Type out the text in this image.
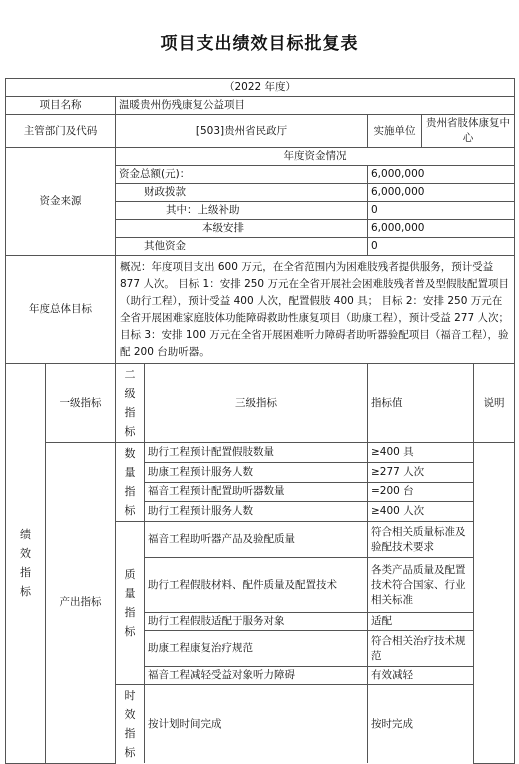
项目支出绩效目标批复表
（2022 年度）						
项目名称		温暖贵州伤残康复公益项目				
主管部门及代码		[503]贵州省民政厅		实施单位	贵州省肢体康复中心	
资金来源		年度资金情况				
		资金总额(元)：		6,000,000		
		财政拨款		6,000,000		
		其中：上级补助		0		
		本级安排		6,000,000		
		其他资金		0		
年度总体目标		概况：年度项目支出 600 万元，在全省范围内为困难肢残者提供服务，预计受益 877 人次。 目标 1：安排 250 万元在全省开展社会困难肢残者普及型假肢配置项目（助行工程），预计受益 400 人次，配置假肢 400 具； 目标 2：安排 250 万元在全省开展困难家庭肢体功能障碍救助性康复项目（助康工程），预计受益 277 人次； 目标 3：安排 100 万元在全省开展困难听力障碍者助听器验配项目（福音工程），验配 200 台助听器。				
绩效指标	一级指标	二级指标	三级指标	指标值		说明
	产出指标	数量指标	助行工程预计配置假肢数量	≥400 具		
			助康工程预计服务人数	≥277 人次		
			福音工程预计配置助听器数量	=200 台		
			助行工程预计服务人数	≥400 人次		
		质量指标	福音工程助听器产品及验配质量	符合相关质量标准及验配技术要求		
			助行工程假肢材料、配件质量及配置技术	各类产品质量及配置技术符合国家、行业相关标准		
			助行工程假肢适配于服务对象	适配		
			助康工程康复治疗规范	符合相关治疗技术规范		
			福音工程减轻受益对象听力障碍	有效减轻		
		时效指标	按计划时间完成	按时完成		
